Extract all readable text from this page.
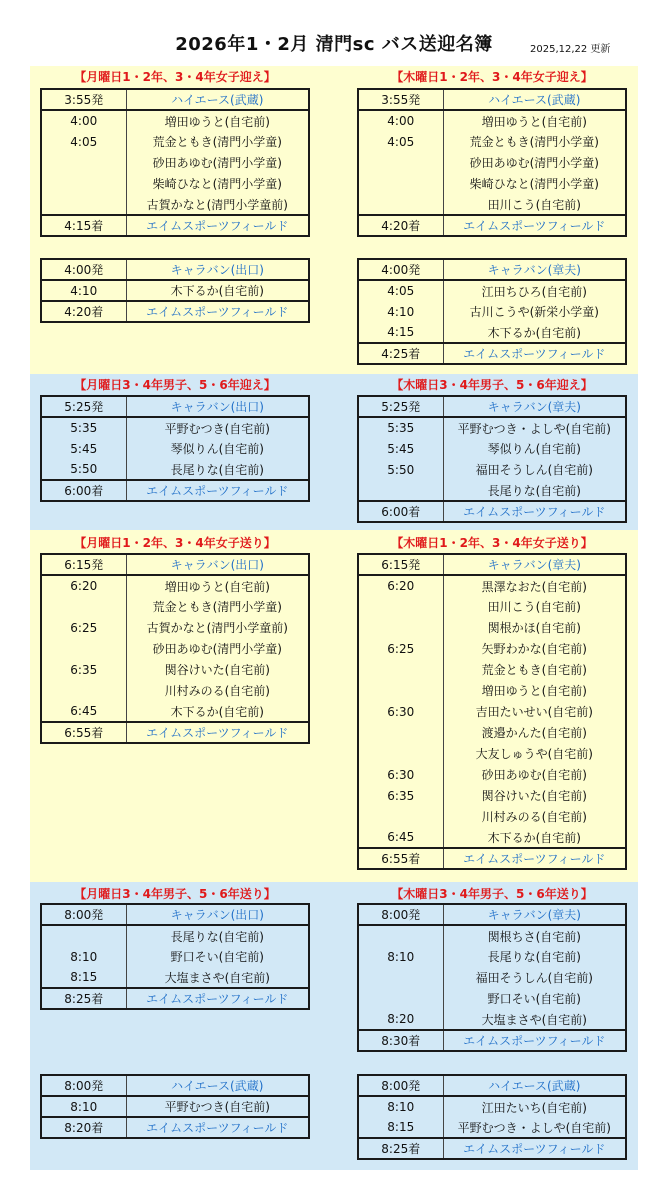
2026年1・2月 清門sc バス送迎名簿	2025,12,22 更新
【月曜日1・2年、3・4年女子迎え】	【木曜日1・2年、3・4年女子迎え】
【月曜日3・4年男子、5・6年迎え】	【木曜日3・4年男子、5・6年迎え】
【月曜日1・2年、3・4年女子送り】	【木曜日1・2年、3・4年女子送り】
【月曜日3・4年男子、5・6年送り】	【木曜日3・4年男子、5・6年送り】
3:55発	ハイエース(武蔵)
4:00	増田ゆうと(自宅前)
4:05	荒金ともき(清門小学童)
	砂田あゆむ(清門小学童)
	柴崎ひなと(清門小学童)
	古賀かなと(清門小学童前)
4:15着	エイムスポーツフィールド
3:55発	ハイエース(武蔵)
4:00	増田ゆうと(自宅前)
4:05	荒金ともき(清門小学童)
	砂田あゆむ(清門小学童)
	柴崎ひなと(清門小学童)
	田川こう(自宅前)
4:20着	エイムスポーツフィールド
4:00発	キャラバン(出口)
4:10	木下るか(自宅前)
4:20着	エイムスポーツフィールド
4:00発	キャラバン(章夫)
4:05	江田ちひろ(自宅前)
4:10	古川こうや(新栄小学童)
4:15	木下るか(自宅前)
4:25着	エイムスポーツフィールド
5:25発	キャラバン(出口)
5:35	平野むつき(自宅前)
5:45	琴似りん(自宅前)
5:50	長尾りな(自宅前)
6:00着	エイムスポーツフィールド
5:25発	キャラバン(章夫)
5:35	平野むつき・よしや(自宅前)
5:45	琴似りん(自宅前)
5:50	福田そうしん(自宅前)
	長尾りな(自宅前)
6:00着	エイムスポーツフィールド
6:15発	キャラバン(出口)
6:20	増田ゆうと(自宅前)
	荒金ともき(清門小学童)
6:25	古賀かなと(清門小学童前)
	砂田あゆむ(清門小学童)
6:35	関谷けいた(自宅前)
	川村みのる(自宅前)
6:45	木下るか(自宅前)
6:55着	エイムスポーツフィールド
6:15発	キャラバン(章夫)
6:20	黒澤なおた(自宅前)
	田川こう(自宅前)
	関根かほ(自宅前)
6:25	矢野わかな(自宅前)
	荒金ともき(自宅前)
	増田ゆうと(自宅前)
6:30	吉田たいせい(自宅前)
	渡邉かんた(自宅前)
	大友しゅうや(自宅前)
6:30	砂田あゆむ(自宅前)
6:35	関谷けいた(自宅前)
	川村みのる(自宅前)
6:45	木下るか(自宅前)
6:55着	エイムスポーツフィールド
8:00発	キャラバン(出口)
	長尾りな(自宅前)
8:10	野口そい(自宅前)
8:15	大塩まさや(自宅前)
8:25着	エイムスポーツフィールド
8:00発	キャラバン(章夫)
	関根ちさ(自宅前)
8:10	長尾りな(自宅前)
	福田そうしん(自宅前)
	野口そい(自宅前)
8:20	大塩まさや(自宅前)
8:30着	エイムスポーツフィールド
8:00発	ハイエース(武蔵)
8:10	平野むつき(自宅前)
8:20着	エイムスポーツフィールド
8:00発	ハイエース(武蔵)
8:10	江田たいち(自宅前)
8:15	平野むつき・よしや(自宅前)
8:25着	エイムスポーツフィールド
